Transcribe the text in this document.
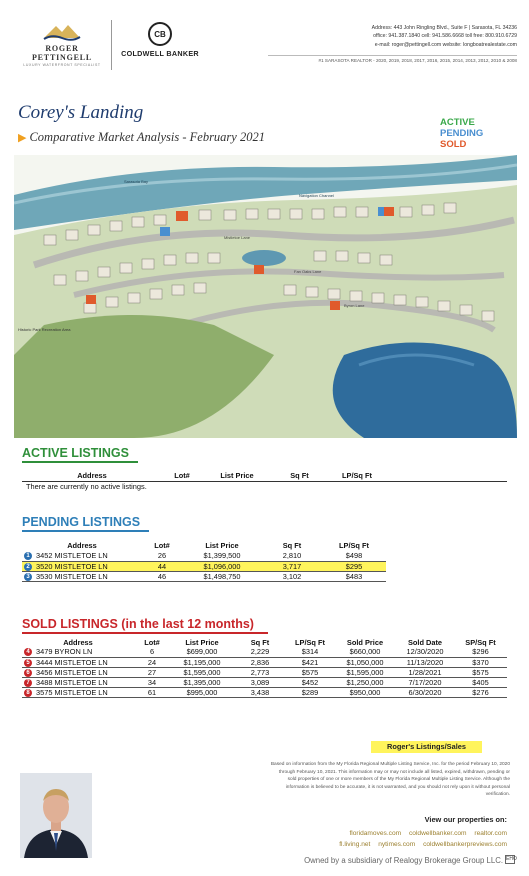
ROGER PETTINGELL
LUXURY WATERFRONT SPECIALIST
CB
COLDWELL BANKER
Address: 443 John Ringling Blvd., Suite F | Sarasota, FL 34236
office: 941.387.1840 cell: 941.586.6668 toll free: 800.910.6729
e-mail: roger@pettingell.com website: longboatrealestate.com
#1 SARASOTA REALTOR - 2020, 2019, 2018, 2017, 2016, 2015, 2014, 2013, 2012, 2010 & 2008
Corey's Landing
▶ Comparative Market Analysis - February 2021
ACTIVE
PENDING
SOLD
Sarasota Bay
Navigation Channel
Mistletoe Lane
Fan Oaks Lane
Byron Lane
Historic Park Recreation Area
ACTIVE LISTINGS
Address	Lot#	List Price	Sq Ft	LP/Sq Ft	
There are currently no active listings.
PENDING LISTINGS
Address	Lot#	List Price	Sq Ft	LP/Sq Ft
1 3452 MISTLETOE LN	26	$1,399,500	2,810	$498
2 3520 MISTLETOE LN	44	$1,096,000	3,717	$295
3 3530 MISTLETOE LN	46	$1,498,750	3,102	$483
SOLD LISTINGS (in the last 12 months)
Address	Lot#	List Price	Sq Ft	LP/Sq Ft	Sold Price	Sold Date	SP/Sq Ft
4 3479 BYRON LN	6	$699,000	2,229	$314	$660,000	12/30/2020	$296
5 3444 MISTLETOE LN	24	$1,195,000	2,836	$421	$1,050,000	11/13/2020	$370
6 3456 MISTLETOE LN	27	$1,595,000	2,773	$575	$1,595,000	1/28/2021	$575
7 3488 MISTLETOE LN	34	$1,395,000	3,089	$452	$1,250,000	7/17/2020	$405
8 3575 MISTLETOE LN	61	$995,000	3,438	$289	$950,000	6/30/2020	$276
Roger's Listings/Sales
Based on information from the My Florida Regional Multiple Listing Service, Inc. for the period February 10, 2020 through February 10, 2021. This information may or may not include all listed, expired, withdrawn, pending or sold properties of one or more members of the My Florida Regional Multiple Listing Service. Although the information is believed to be accurate, it is not warranted, and you should not rely upon it without personal verification.
View our properties on:
floridamoves.com coldwellbanker.com realtor.com
fl.living.net nytimes.com coldwellbankerpreviews.com
Owned by a subsidiary of Realogy Brokerage Group LLC. EHO
